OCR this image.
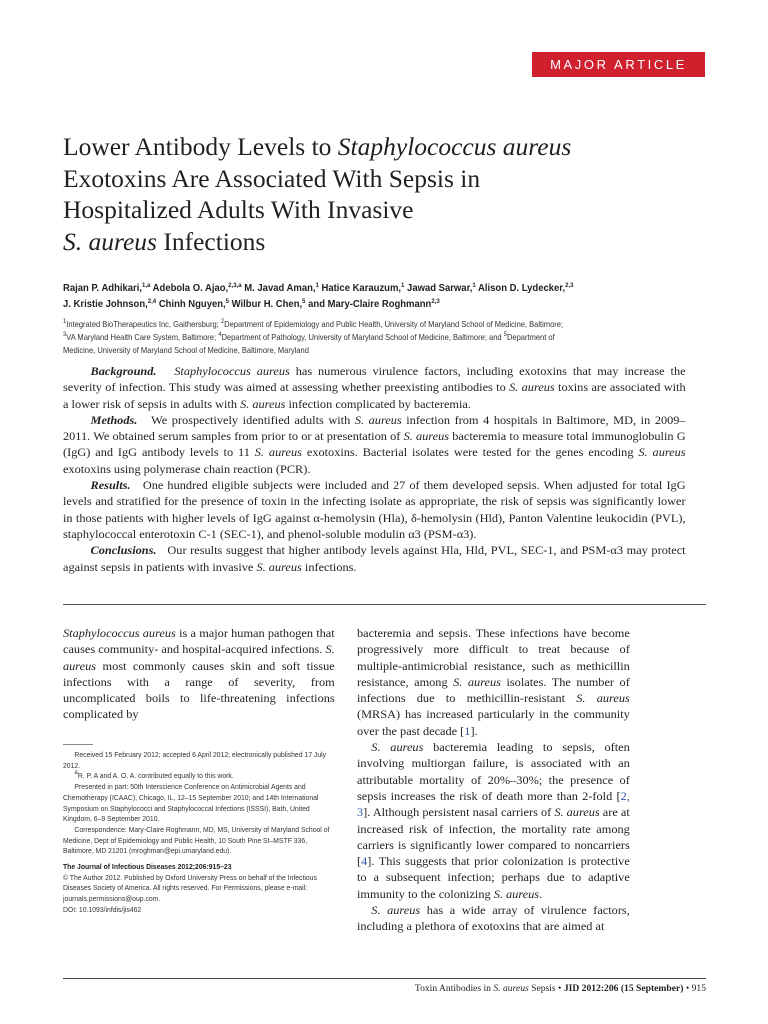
MAJOR ARTICLE

Lower Antibody Levels to Staphylococcus aureus

Exotoxins Are Associated With Sepsis in

Hospitalized Adults With Invasive

S. aureus Infections

Rajan P. Adhikari,$^{1,a}$ Adebola O. Ajao,$^{2,3,a}$ M. Javad Aman,$^1$ Hatice Karauzum,$^1$ Jawad Sarwar,$^1$ Alison D. Lydecker,$^{2,3}$

J. Kristie Johnson,$^{2,4}$ Chinh Nguyen,$^5$ Wilbur H. Chen,$^5$ and Mary-Claire Roghmann$^{2,3}$

$^1$Integrated BioTherapeutics Inc, Gaithersburg; $^2$Department of Epidemiology and Public Health, University of Maryland School of Medicine, Baltimore;

$^3$VA Maryland Health Care System, Baltimore; $^4$Department of Pathology, University of Maryland School of Medicine, Baltimore; and $^5$Department of

Medicine, University of Maryland School of Medicine, Baltimore, Maryland

Background. Staphylococcus aureus has numerous virulence factors, including exotoxins that may increase the severity of infection. This study was aimed at assessing whether preexisting antibodies to S. aureus toxins are associated with a lower risk of sepsis in adults with S. aureus infection complicated by bacteremia.

Methods. We prospectively identified adults with S. aureus infection from 4 hospitals in Baltimore, MD, in 2009–2011. We obtained serum samples from prior to or at presentation of S. aureus bacteremia to measure total immunoglobulin G (IgG) and IgG antibody levels to 11 S. aureus exotoxins. Bacterial isolates were tested for the genes encoding S. aureus exotoxins using polymerase chain reaction (PCR).

Results. One hundred eligible subjects were included and 27 of them developed sepsis. When adjusted for total IgG levels and stratified for the presence of toxin in the infecting isolate as appropriate, the risk of sepsis was significantly lower in those patients with higher levels of IgG against α-hemolysin (Hla), δ-hemolysin (Hld), Panton Valentine leukocidin (PVL), staphylococcal enterotoxin C-1 (SEC-1), and phenol-soluble modulin α3 (PSM-α3).

Conclusions. Our results suggest that higher antibody levels against Hla, Hld, PVL, SEC-1, and PSM-α3 may protect against sepsis in patients with invasive S. aureus infections.

Staphylococcus aureus is a major human pathogen that causes community- and hospital-acquired infections. S. aureus most commonly causes skin and soft tissue infections with a range of severity, from uncomplicated boils to life-threatening infections complicated by

Received 15 February 2012; accepted 6 April 2012; electronically published 17 July 2012.

$^a$R. P. A and A. O. A. contributed equally to this work.

Presented in part: 50th Interscience Conference on Antimicrobial Agents and Chemotherapy (ICAAC), Chicago, IL, 12–15 September 2010; and 14th International Symposium on Staphylococci and Staphylococcal Infections (ISSSI), Bath, United Kingdom, 6–9 September 2010.

Correspondence: Mary-Claire Roghmann, MD, MS, University of Maryland School of Medicine, Dept of Epidemiology and Public Health, 10 South Pine St–MSTF 336, Baltimore, MD 21201 (mroghman@epi.umaryland.edu).

The Journal of Infectious Diseases 2012;206:915–23

© The Author 2012. Published by Oxford University Press on behalf of the Infectious Diseases Society of America. All rights reserved. For Permissions, please e-mail: journals.permissions@oup.com.

DOI: 10.1093/infdis/jis462

bacteremia and sepsis. These infections have become progressively more difficult to treat because of multiple-antimicrobial resistance, such as methicillin resistance, among S. aureus isolates. The number of infections due to methicillin-resistant S. aureus (MRSA) has increased particularly in the community over the past decade [1].

S. aureus bacteremia leading to sepsis, often involving multiorgan failure, is associated with an attributable mortality of 20%–30%; the presence of sepsis increases the risk of death more than 2-fold [2, 3]. Although persistent nasal carriers of S. aureus are at increased risk of infection, the mortality rate among carriers is significantly lower compared to noncarriers [4]. This suggests that prior colonization is protective to a subsequent infection; perhaps due to adaptive immunity to the colonizing S. aureus.

S. aureus has a wide array of virulence factors, including a plethora of exotoxins that are aimed at

Toxin Antibodies in S. aureus Sepsis • JID 2012:206 (15 September) • 915
